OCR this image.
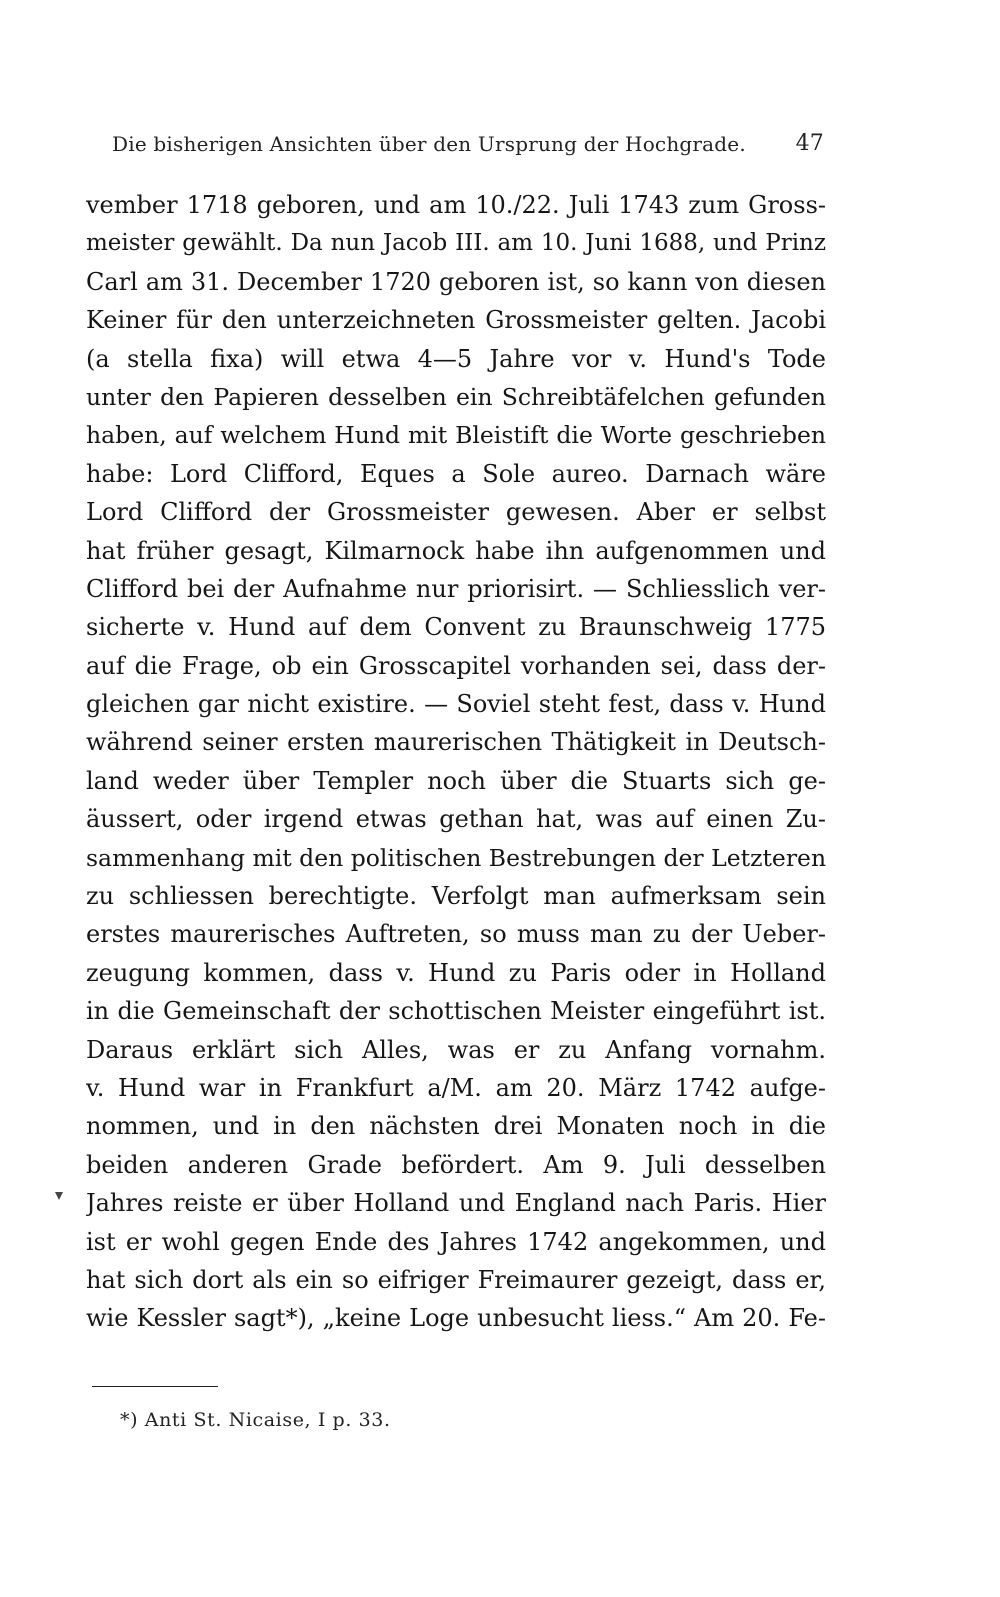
Die bisherigen Ansichten über den Ursprung der Hochgrade. 47
vember 1718 geboren, und am 10./22. Juli 1743 zum Gross-
meister gewählt. Da nun Jacob III. am 10. Juni 1688, und Prinz
Carl am 31. December 1720 geboren ist, so kann von diesen
Keiner für den unterzeichneten Grossmeister gelten. Jacobi
(a stella fixa) will etwa 4—5 Jahre vor v. Hund's Tode
unter den Papieren desselben ein Schreibtäfelchen gefunden
haben, auf welchem Hund mit Bleistift die Worte geschrieben
habe: Lord Clifford, Eques a Sole aureo. Darnach wäre
Lord Clifford der Grossmeister gewesen. Aber er selbst
hat früher gesagt, Kilmarnock habe ihn aufgenommen und
Clifford bei der Aufnahme nur priorisirt. — Schliesslich ver-
sicherte v. Hund auf dem Convent zu Braunschweig 1775
auf die Frage, ob ein Grosscapitel vorhanden sei, dass der-
gleichen gar nicht existire. — Soviel steht fest, dass v. Hund
während seiner ersten maurerischen Thätigkeit in Deutsch-
land weder über Templer noch über die Stuarts sich ge-
äussert, oder irgend etwas gethan hat, was auf einen Zu-
sammenhang mit den politischen Bestrebungen der Letzteren
zu schliessen berechtigte. Verfolgt man aufmerksam sein
erstes maurerisches Auftreten, so muss man zu der Ueber-
zeugung kommen, dass v. Hund zu Paris oder in Holland
in die Gemeinschaft der schottischen Meister eingeführt ist.
Daraus erklärt sich Alles, was er zu Anfang vornahm.
v. Hund war in Frankfurt a/M. am 20. März 1742 aufge-
nommen, und in den nächsten drei Monaten noch in die
beiden anderen Grade befördert. Am 9. Juli desselben
Jahres reiste er über Holland und England nach Paris. Hier
ist er wohl gegen Ende des Jahres 1742 angekommen, und
hat sich dort als ein so eifriger Freimaurer gezeigt, dass er,
wie Kessler sagt*), „keine Loge unbesucht liess.“ Am 20. Fe-
*) Anti St. Nicaise, I p. 33.
